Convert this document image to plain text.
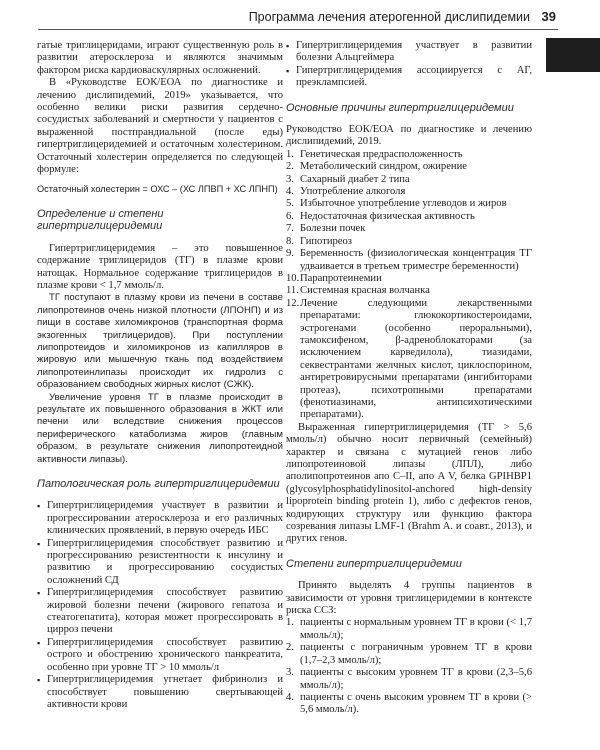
Программа лечения атерогенной дислипидемии 39

гатые триглицеридами, играют существенную роль в развитии атеросклероза и являются значимым фактором риска кардиоваскулярных осложнений.

В «Руководстве ЕОК/ЕОА по диагностике и лечению дислипидемий, 2019» указывается, что особенно велики риски развития сердечно-сосудистых заболеваний и смертности у пациентов с выраженной постпрандиальной (после еды) гипертриглицеридемией и остаточным холестерином. Остаточный холестерин определяется по следующей формуле:

Остаточный холестерин = ОХС – (ХС ЛПВП + ХС ЛПНП)

Определение и степени гипертриглицеридемии

Гипертриглицеридемия – это повышенное содержание триглицеридов (ТГ) в плазме крови натощак. Нормальное содержание триглицеридов в плазме крови < 1,7 ммоль/л.

ТГ поступают в плазму крови из печени в составе липопротеинов очень низкой плотности (ЛПОНП) и из пищи в составе хиломикронов (транспортная форма экзогенных триглицеридов). При поступлении липопротеидов и хиломикронов из капилляров в жировую или мышечную ткань под воздействием липопротеинлипазы происходит их гидролиз с образованием свободных жирных кислот (СЖК).

Увеличение уровня ТГ в плазме происходит в результате их повышенного образования в ЖКТ или печени или вследствие снижения процессов периферического катаболизма жиров (главным образом, в результате снижения липопротеидной активности липазы).

Патологическая роль гипертриглицеридемии

▪ Гипертриглицеридемия участвует в развитии и прогрессировании атеросклероза и его различных клинических проявлений, в первую очередь ИБС
▪ Гипертриглицеридемия способствует развитию и прогрессированию резистентности к инсулину и развитию и прогрессированию сосудистых осложнений СД
▪ Гипертриглицеридемия способствует развитию жировой болезни печени (жирового гепатоза и стеатогепатита), которая может прогрессировать в цирроз печени
▪ Гипертриглицеридемия способствует развитию острого и обострению хронического панкреатита, особенно при уровне ТГ > 10 ммоль/л
▪ Гипертриглицеридемия угнетает фибринолиз и способствует повышению свертывающей активности крови
▪ Гипертриглицеридемия участвует в развитии болезни Альцгеймера
▪ Гипертриглицеридемия ассоциируется с АГ, преэклампсией.

Основные причины гипертриглицеридемии

Руководство ЕОК/ЕОА по диагностике и лечению дислипидемий, 2019.

1. Генетическая предрасположенность
2. Метаболический синдром, ожирение
3. Сахарный диабет 2 типа
4. Употребление алкоголя
5. Избыточное употребление углеводов и жиров
6. Недостаточная физическая активность
7. Болезни почек
8. Гипотиреоз
9. Беременность (физиологическая концентрация ТГ удваивается в третьем триместре беременности)
10. Парапротеинемии
11. Системная красная волчанка
12. Лечение следующими лекарственными препаратами: глюкокортикостероидами, эстрогенами (особенно пероральными), тамоксифеном, β-адреноблокаторами (за исключением карведилола), тиазидами, секвестрантами желчных кислот, циклоспорином, антиретровирусными препаратами (ингибиторами протеаз), психотропными препаратами (фенотиазинами, антипсихотическими препаратами).

Выраженная гипертриглицеридемия (ТГ > 5,6 ммоль/л) обычно носит первичный (семейный) характер и связана с мутацией генов либо липопротеиновой липазы (ЛПЛ), либо аполипопротеинов апо C–II, апо A V, белка GPIHBP1 (glycosylphosphatidylinositol-anchored high-density lipoprotein binding protein 1), либо с дефектов генов, кодирующих структуру или функцию фактора созревания липазы LMF-1 (Brahm A. и соавт., 2013), и других генов.

Степени гипертриглицеридемии

Принято выделять 4 группы пациентов в зависимости от уровня триглицеридемии в контексте риска ССЗ:

1. пациенты с нормальным уровнем ТГ в крови (< 1,7 ммоль/л);
2. пациенты с пограничным уровнем ТГ в крови (1,7–2,3 ммоль/л);
3. пациенты с высоким уровнем ТГ в крови (2,3–5,6 ммоль/л);
4. пациенты с очень высоким уровнем ТГ в крови (> 5,6 ммоль/л).
